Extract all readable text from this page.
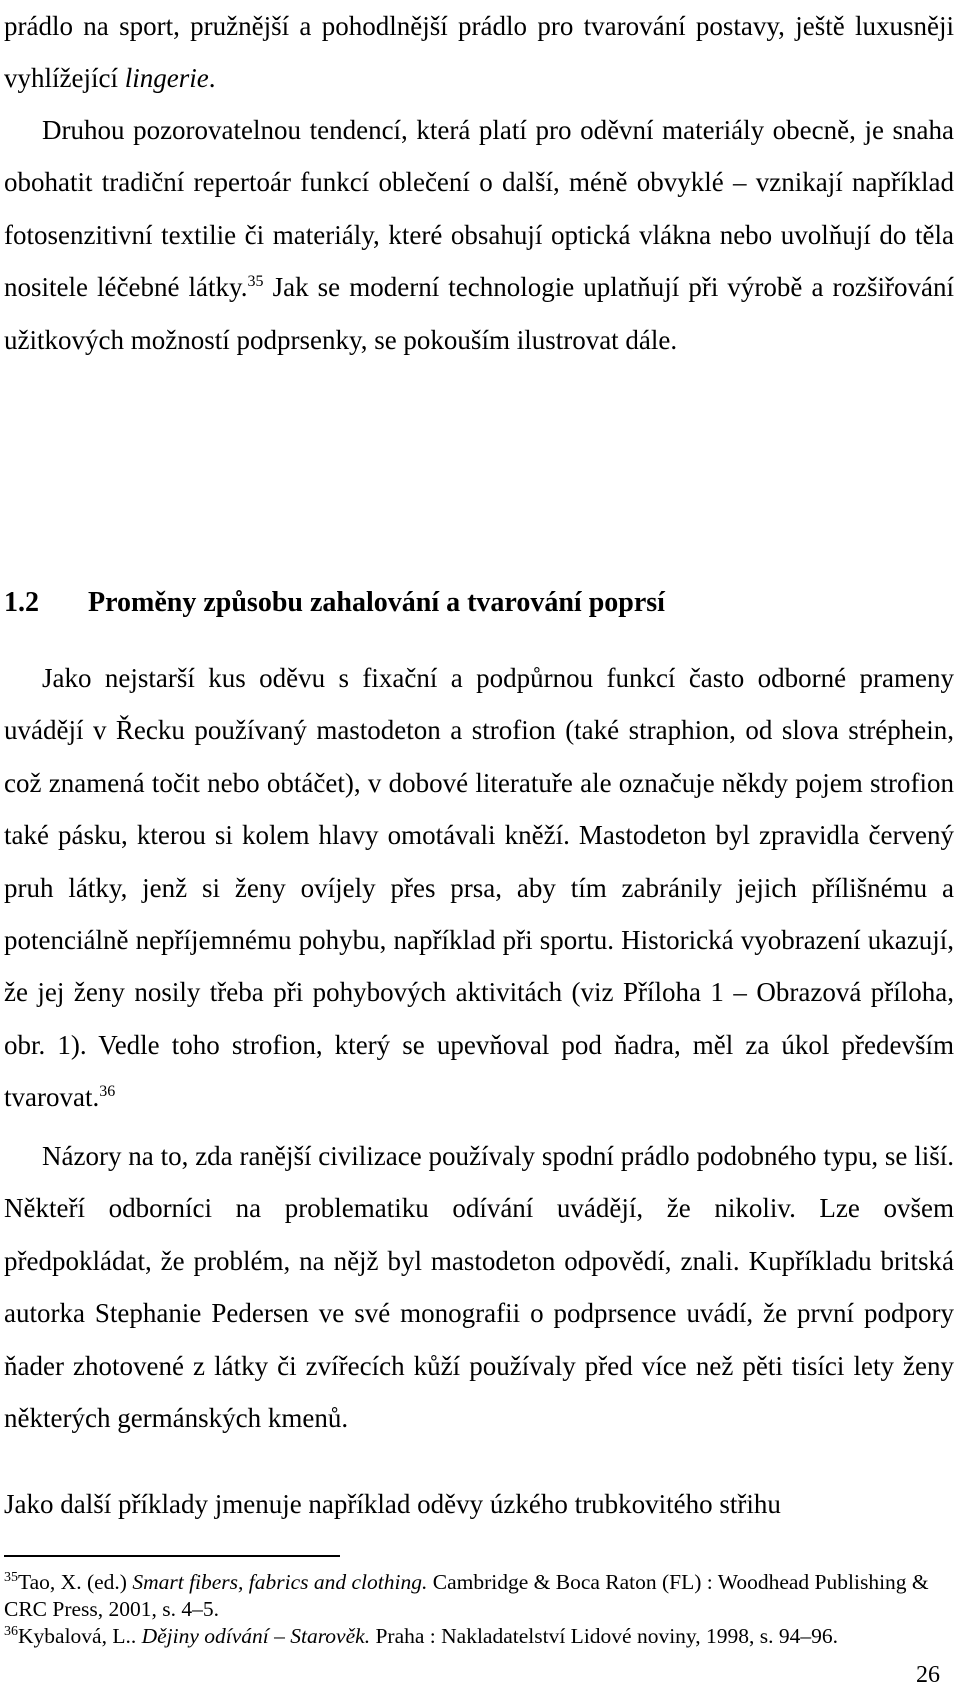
prádlo na sport, pružnější a pohodlnější prádlo pro tvarování postavy, ještě luxusněji vyhlížející lingerie.

Druhou pozorovatelnou tendencí, která platí pro oděvní materiály obecně, je snaha obohatit tradiční repertoár funkcí oblečení o další, méně obvyklé – vznikají například fotosenzitivní textilie či materiály, které obsahují optická vlákna nebo uvolňují do těla nositele léčebné látky.$^{35}$ Jak se moderní technologie uplatňují při výrobě a rozšiřování užitkových možností podprsenky, se pokouším ilustrovat dále.

1.2 Proměny způsobu zahalování a tvarování poprsí

Jako nejstarší kus oděvu s fixační a podpůrnou funkcí často odborné prameny uvádějí v Řecku používaný mastodeton a strofion (také straphion, od slova stréphein, což znamená točit nebo obtáčet), v dobové literatuře ale označuje někdy pojem strofion také pásku, kterou si kolem hlavy omotávali kněží. Mastodeton byl zpravidla červený pruh látky, jenž si ženy ovíjely přes prsa, aby tím zabránily jejich přílišnému a potenciálně nepříjemnému pohybu, například při sportu. Historická vyobrazení ukazují, že jej ženy nosily třeba při pohybových aktivitách (viz Příloha 1 – Obrazová příloha, obr. 1). Vedle toho strofion, který se upevňoval pod ňadra, měl za úkol především tvarovat.$^{36}$

Názory na to, zda ranější civilizace používaly spodní prádlo podobného typu, se liší. Někteří odborníci na problematiku odívání uvádějí, že nikoliv. Lze ovšem předpokládat, že problém, na nějž byl mastodeton odpovědí, znali. Kupříkladu britská autorka Stephanie Pedersen ve své monografii o podprsence uvádí, že první podpory ňader zhotovené z látky či zvířecích kůží používaly před více než pěti tisíci lety ženy některých germánských kmenů.

Jako další příklady jmenuje například oděvy úzkého trubkovitého střihu

$^{35}$Tao, X. (ed.) Smart fibers, fabrics and clothing. Cambridge & Boca Raton (FL) : Woodhead Publishing & CRC Press, 2001, s. 4–5.

$^{36}$Kybalová, L.. Dějiny odívání – Starověk. Praha : Nakladatelství Lidové noviny, 1998, s. 94–96.

26
